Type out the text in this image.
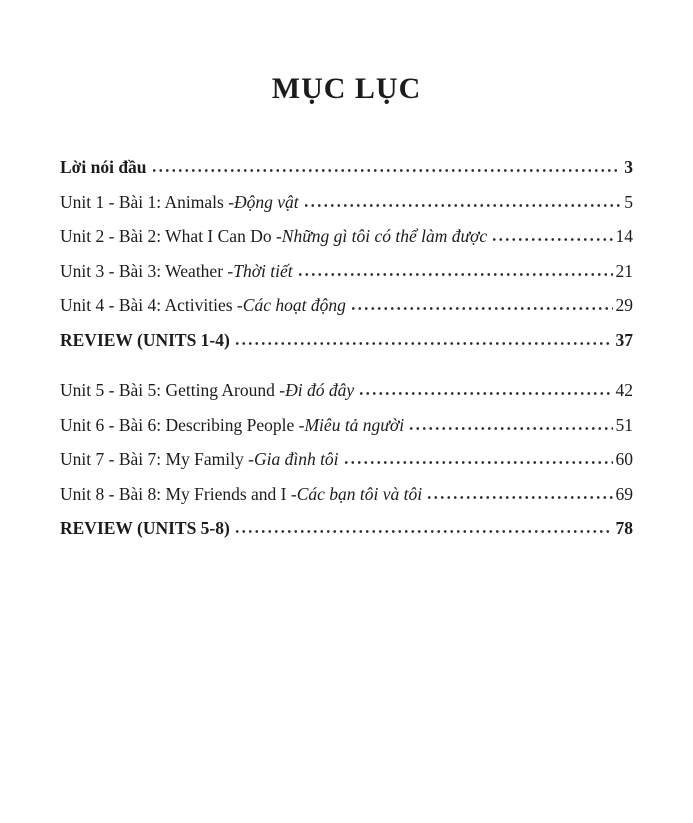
MỤC LỤC
Lời nói đầu	3
Unit 1 - Bài 1: Animals - Động vật	5
Unit 2 - Bài 2: What I Can Do - Những gì tôi có thể làm được	14
Unit 3 - Bài 3: Weather - Thời tiết	21
Unit 4 - Bài 4: Activities - Các hoạt động	29
REVIEW (UNITS 1-4)	37
Unit 5 - Bài 5: Getting Around - Đi đó đây	42
Unit 6 - Bài 6: Describing People - Miêu tả người	51
Unit 7 - Bài 7: My Family - Gia đình tôi	60
Unit 8 - Bài 8: My Friends and I - Các bạn tôi và tôi	69
REVIEW (UNITS 5-8)	78
